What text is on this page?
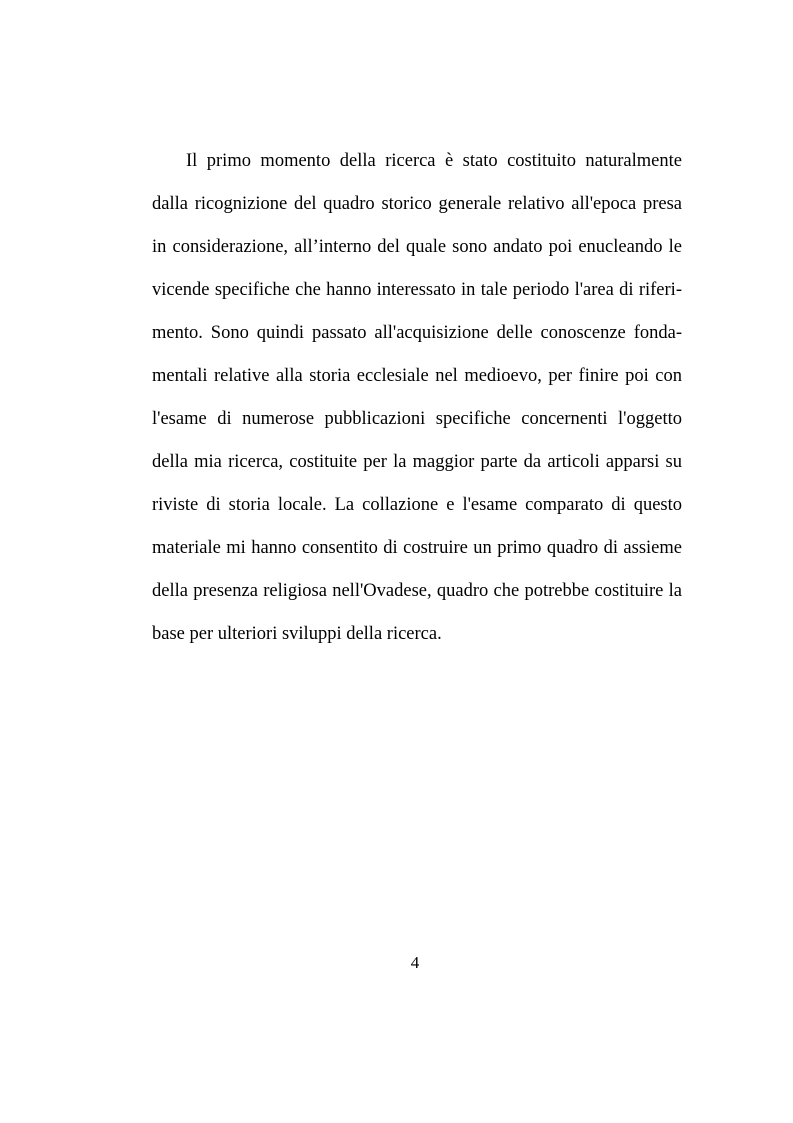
Il primo momento della ricerca è stato costituito naturalmente dalla ricognizione del quadro storico generale relativo all'epoca presa in considerazione, all’interno del quale sono andato poi enucleando le vicende specifiche che hanno interessato in tale periodo l'area di riferimento. Sono quindi passato all'acquisizione delle conoscenze fondamentali relative alla storia ecclesiale nel medioevo, per finire poi con l'esame di numerose pubblicazioni specifiche concernenti l'oggetto della mia ricerca, costituite per la maggior parte da articoli apparsi su riviste di storia locale. La collazione e l'esame comparato di questo materiale mi hanno consentito di costruire un primo quadro di assieme della presenza religiosa nell'Ovadese, quadro che potrebbe costituire la base per ulteriori sviluppi della ricerca.

4
